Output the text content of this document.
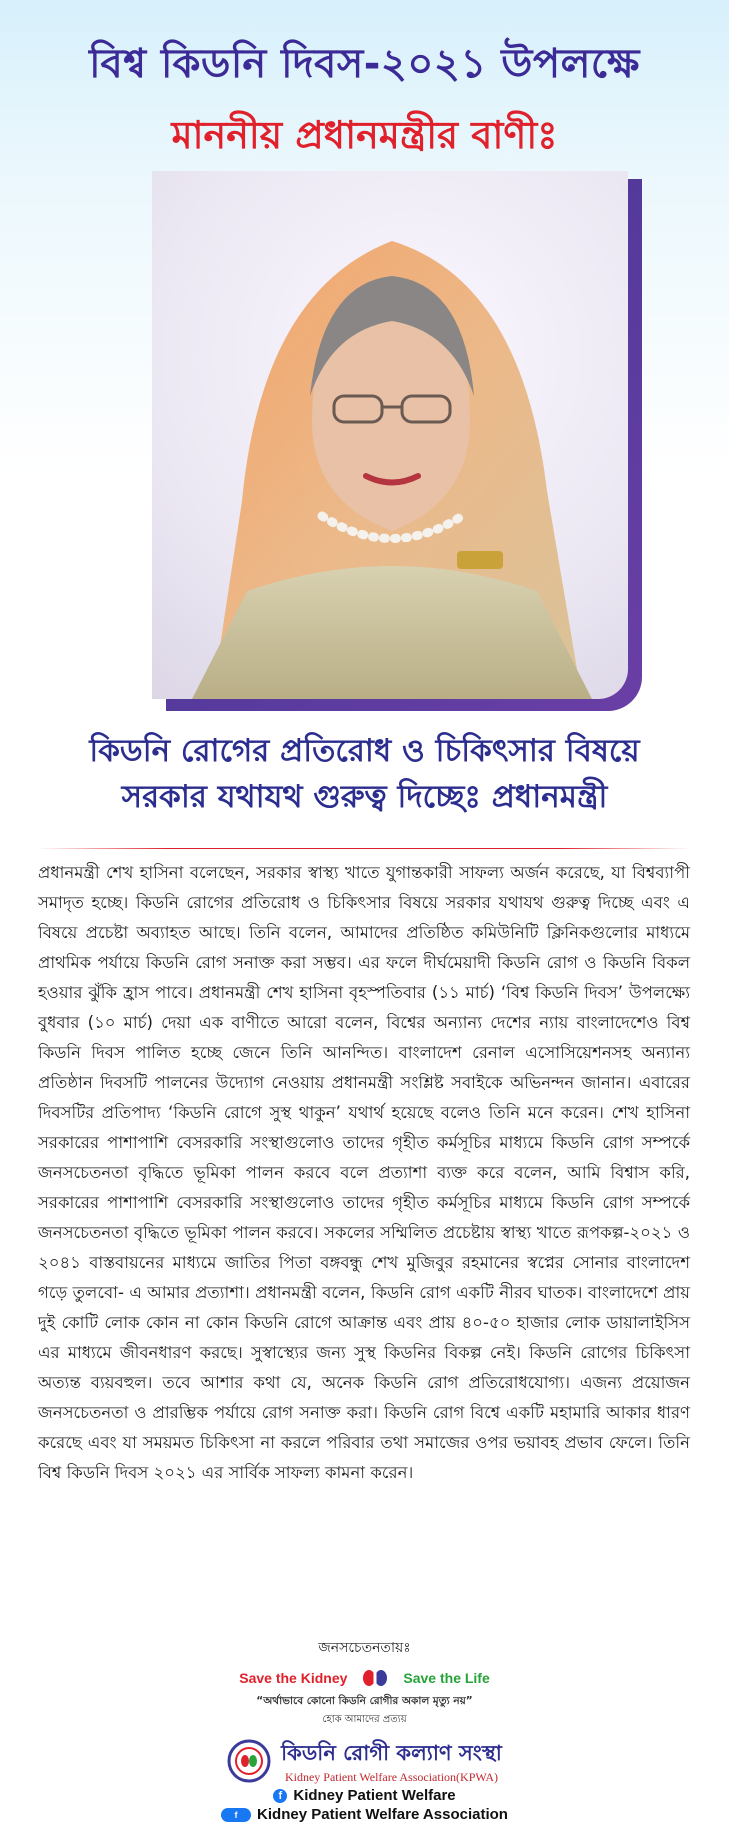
বিশ্ব কিডনি দিবস-২০২১ উপলক্ষে
মাননীয় প্রধানমন্ত্রীর বাণীঃ
কিডনি রোগের প্রতিরোধ ও চিকিৎসার বিষয়ে
সরকার যথাযথ গুরুত্ব দিচ্ছেঃ প্রধানমন্ত্রী
প্রধানমন্ত্রী শেখ হাসিনা বলেছেন, সরকার স্বাস্থ্য খাতে যুগান্তকারী সাফল্য অর্জন করেছে, যা বিশ্বব্যাপী সমাদৃত হচ্ছে। কিডনি রোগের প্রতিরোধ ও চিকিৎসার বিষয়ে সরকার যথাযথ গুরুত্ব দিচ্ছে এবং এ বিষয়ে প্রচেষ্টা অব্যাহত আছে। তিনি বলেন, আমাদের প্রতিষ্ঠিত কমিউনিটি ক্লিনিকগুলোর মাধ্যমে প্রাথমিক পর্যায়ে কিডনি রোগ সনাক্ত করা সম্ভব। এর ফলে দীর্ঘমেয়াদী কিডনি রোগ ও কিডনি বিকল হওয়ার ঝুঁকি হ্রাস পাবে। প্রধানমন্ত্রী শেখ হাসিনা বৃহস্পতিবার (১১ মার্চ) ‘বিশ্ব কিডনি দিবস’ উপলক্ষ্যে বুধবার (১০ মার্চ) দেয়া এক বাণীতে আরো বলেন, বিশ্বের অন্যান্য দেশের ন্যায় বাংলাদেশেও বিশ্ব কিডনি দিবস পালিত হচ্ছে জেনে তিনি আনন্দিত। বাংলাদেশ রেনাল এসোসিয়েশনসহ অন্যান্য প্রতিষ্ঠান দিবসটি পালনের উদ্যোগ নেওয়ায় প্রধানমন্ত্রী সংশ্লিষ্ট সবাইকে অভিনন্দন জানান। এবারের দিবসটির প্রতিপাদ্য ‘কিডনি রোগে সুস্থ থাকুন’ যথার্থ হয়েছে বলেও তিনি মনে করেন। শেখ হাসিনা সরকারের পাশাপাশি বেসরকারি সংস্থাগুলোও তাদের গৃহীত কর্মসূচির মাধ্যমে কিডনি রোগ সম্পর্কে জনসচেতনতা বৃদ্ধিতে ভূমিকা পালন করবে বলে প্রত্যাশা ব্যক্ত করে বলেন, আমি বিশ্বাস করি, সরকারের পাশাপাশি বেসরকারি সংস্থাগুলোও তাদের গৃহীত কর্মসূচির মাধ্যমে কিডনি রোগ সম্পর্কে জনসচেতনতা বৃদ্ধিতে ভূমিকা পালন করবে। সকলের সম্মিলিত প্রচেষ্টায় স্বাস্থ্য খাতে রূপকল্প-২০২১ ও ২০৪১ বাস্তবায়নের মাধ্যমে জাতির পিতা বঙ্গবন্ধু শেখ মুজিবুর রহমানের স্বপ্নের সোনার বাংলাদেশ গড়ে তুলবো- এ আমার প্রত্যাশা। প্রধানমন্ত্রী বলেন, কিডনি রোগ একটি নীরব ঘাতক। বাংলাদেশে প্রায় দুই কোটি লোক কোন না কোন কিডনি রোগে আক্রান্ত এবং প্রায় ৪০-৫০ হাজার লোক ডায়ালাইসিস এর মাধ্যমে জীবনধারণ করছে। সুস্বাস্থ্যের জন্য সুস্থ কিডনির বিকল্প নেই। কিডনি রোগের চিকিৎসা অত্যন্ত ব্যয়বহুল। তবে আশার কথা যে, অনেক কিডনি রোগ প্রতিরোধযোগ্য। এজন্য প্রয়োজন জনসচেতনতা ও প্রারম্ভিক পর্যায়ে রোগ সনাক্ত করা। কিডনি রোগ বিশ্বে একটি মহামারি আকার ধারণ করেছে এবং যা সময়মত চিকিৎসা না করলে পরিবার তথা সমাজের ওপর ভয়াবহ প্রভাব ফেলে। তিনি বিশ্ব কিডনি দিবস ২০২১ এর সার্বিক সাফল্য কামনা করেন।
জনসচেতনতায়ঃ
Save the Kidney	Save the Life
“অর্থাভাবে কোনো কিডনি রোগীর অকাল মৃত্যু নয়”
হোক আমাদের প্রত্যয়
কিডনি রোগী কল্যাণ সংস্থা
Kidney Patient Welfare Association(KPWA)
f Kidney Patient Welfare
f	Kidney Patient Welfare Association
